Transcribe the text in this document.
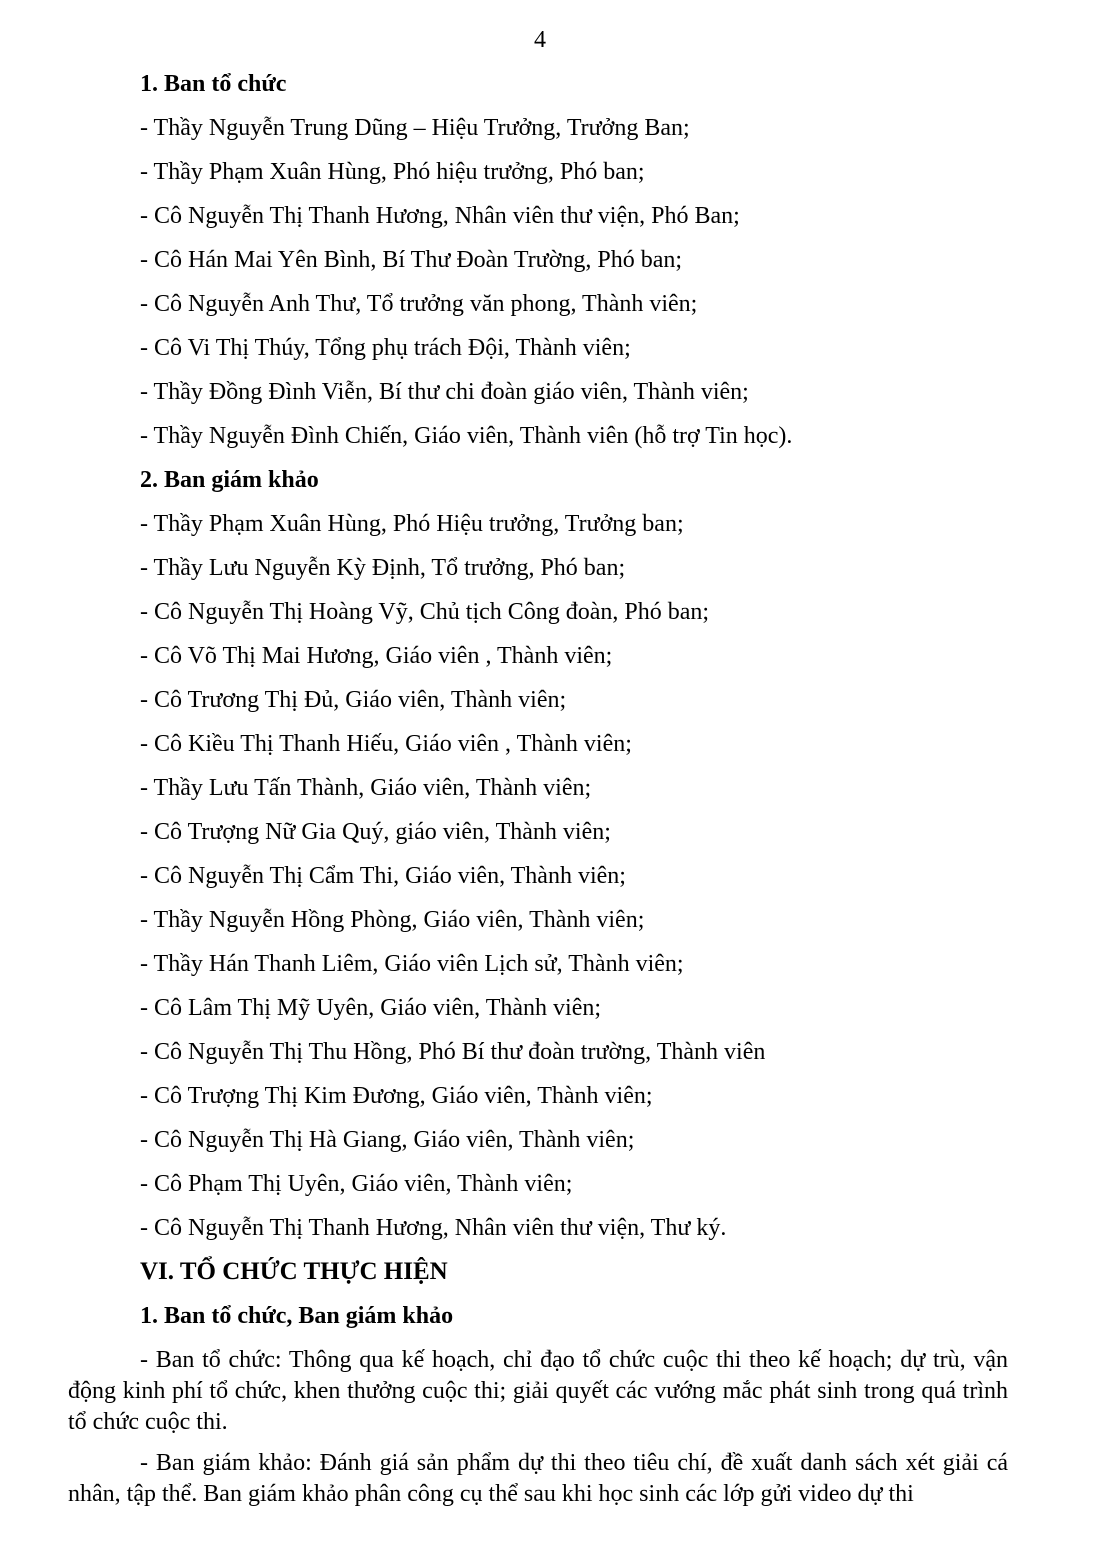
4
1. Ban tổ chức
- Thầy Nguyễn Trung Dũng – Hiệu Trưởng, Trưởng Ban;
- Thầy Phạm Xuân Hùng, Phó hiệu trưởng, Phó ban;
- Cô Nguyễn Thị Thanh Hương, Nhân viên thư viện, Phó Ban;
- Cô Hán Mai Yên Bình, Bí Thư Đoàn Trường, Phó ban;
- Cô Nguyễn Anh Thư, Tổ trưởng văn phong, Thành viên;
- Cô Vi Thị Thúy, Tổng phụ trách Đội, Thành viên;
- Thầy Đồng Đình Viễn, Bí thư chi đoàn giáo viên, Thành viên;
- Thầy Nguyễn Đình Chiến, Giáo viên, Thành viên (hỗ trợ Tin học).
2. Ban giám khảo
- Thầy Phạm Xuân Hùng, Phó Hiệu trưởng, Trưởng ban;
- Thầy Lưu Nguyễn Kỳ Định, Tổ trưởng, Phó ban;
- Cô Nguyễn Thị Hoàng Vỹ, Chủ tịch Công đoàn, Phó ban;
- Cô Võ Thị Mai Hương, Giáo viên , Thành viên;
- Cô Trương Thị Đủ, Giáo viên, Thành viên;
- Cô Kiều Thị Thanh Hiếu, Giáo viên , Thành viên;
- Thầy Lưu Tấn Thành, Giáo viên, Thành viên;
- Cô Trượng Nữ Gia Quý, giáo viên, Thành viên;
- Cô Nguyễn Thị Cẩm Thi, Giáo viên, Thành viên;
- Thầy Nguyễn Hồng Phòng, Giáo viên, Thành viên;
- Thầy Hán Thanh Liêm, Giáo viên Lịch sử, Thành viên;
- Cô Lâm Thị Mỹ Uyên, Giáo viên, Thành viên;
- Cô Nguyễn Thị Thu Hồng, Phó Bí thư đoàn trường, Thành viên
- Cô Trượng Thị Kim Đương, Giáo viên, Thành viên;
- Cô Nguyễn Thị Hà Giang, Giáo viên, Thành viên;
- Cô Phạm Thị Uyên, Giáo viên, Thành viên;
- Cô Nguyễn Thị Thanh Hương, Nhân viên thư viện, Thư ký.
VI. TỔ CHỨC THỰC HIỆN
1. Ban tổ chức, Ban giám khảo

- Ban tổ chức: Thông qua kế hoạch, chỉ đạo tổ chức cuộc thi theo kế hoạch; dự trù, vận động kinh phí tổ chức, khen thưởng cuộc thi; giải quyết các vướng mắc phát sinh trong quá trình tổ chức cuộc thi.

- Ban giám khảo: Đánh giá sản phẩm dự thi theo tiêu chí, đề xuất danh sách xét giải cá nhân, tập thể. Ban giám khảo phân công cụ thể sau khi học sinh các lớp gửi video dự thi
